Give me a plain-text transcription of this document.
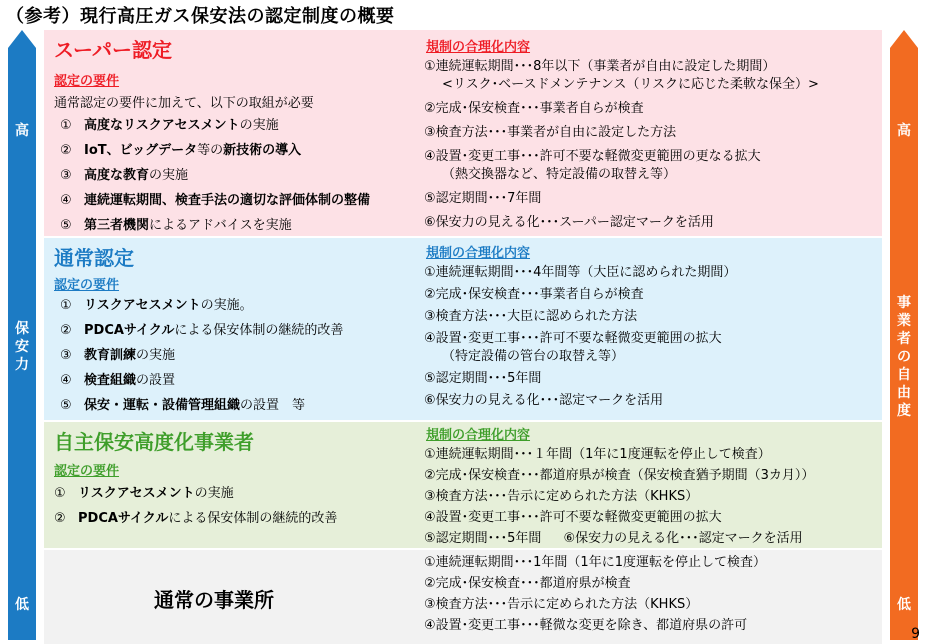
（参考）現行高圧ガス保安法の認定制度の概要
高
保
安
力
低
高
事
業
者
の
自
由
度
低
スーパー認定
認定の要件
通常認定の要件に加えて、以下の取組が必要
① 高度なリスクアセスメントの実施
② IoT、ビッグデータ等の新技術の導入
③ 高度な教育の実施
④ 連続運転期間、検査手法の適切な評価体制の整備
⑤ 第三者機関によるアドバイスを実施
規制の合理化内容
①連続運転期間･･･8年以下（事業者が自由に設定した期間）
<リスク･ベースドメンテナンス（リスクに応じた柔軟な保全）>
②完成･保安検査･･･事業者自らが検査
③検査方法･･･事業者が自由に設定した方法
④設置･変更工事･･･許可不要な軽微変更範囲の更なる拡大
（熱交換器など、特定設備の取替え等）
⑤認定期間･･･7年間
⑥保安力の見える化･･･スーパー認定マークを活用
通常認定
認定の要件
① リスクアセスメントの実施。
② PDCAサイクルによる保安体制の継続的改善
③ 教育訓練の実施
④ 検査組織の設置
⑤ 保安・運転・設備管理組織の設置　等
規制の合理化内容
①連続運転期間･･･4年間等（大臣に認められた期間）
②完成･保安検査･･･事業者自らが検査
③検査方法･･･大臣に認められた方法
④設置･変更工事･･･許可不要な軽微変更範囲の拡大
（特定設備の管台の取替え等）
⑤認定期間･･･5年間
⑥保安力の見える化･･･認定マークを活用
自主保安高度化事業者
認定の要件
① リスクアセスメントの実施
② PDCAサイクルによる保安体制の継続的改善
規制の合理化内容
①連続運転期間･･･１年間（1年に1度運転を停止して検査）
②完成･保安検査･･･都道府県が検査（保安検査猶予期間（3カ月））
③検査方法･･･告示に定められた方法（KHKS）
④設置･変更工事･･･許可不要な軽微変更範囲の拡大
⑤認定期間･･･5年間 ⑥保安力の見える化･･･認定マークを活用
通常の事業所
①連続運転期間･･･1年間（1年に1度運転を停止して検査）
②完成･保安検査･･･都道府県が検査
③検査方法･･･告示に定められた方法（KHKS）
④設置･変更工事･･･軽微な変更を除き、都道府県の許可
9
